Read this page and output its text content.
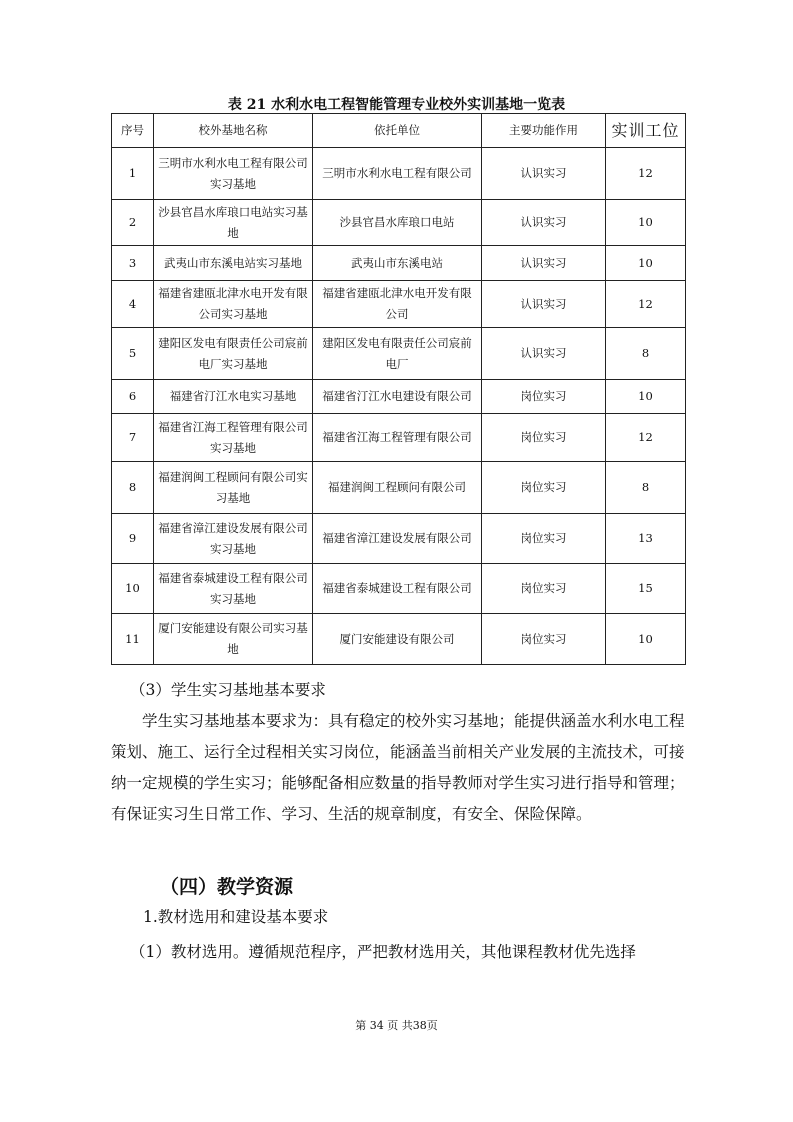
表 21 水利水电工程智能管理专业校外实训基地一览表
序号	校外基地名称	依托单位	主要功能作用	实训工位
1	三明市水利水电工程有限公司实习基地	三明市水利水电工程有限公司	认识实习	12
2	沙县官昌水库琅口电站实习基地	沙县官昌水库琅口电站	认识实习	10
3	武夷山市东溪电站实习基地	武夷山市东溪电站	认识实习	10
4	福建省建瓯北津水电开发有限公司实习基地	福建省建瓯北津水电开发有限公司	认识实习	12
5	建阳区发电有限责任公司宸前电厂实习基地	建阳区发电有限责任公司宸前电厂	认识实习	8
6	福建省汀江水电实习基地	福建省汀江水电建设有限公司	岗位实习	10
7	福建省江海工程管理有限公司实习基地	福建省江海工程管理有限公司	岗位实习	12
8	福建润闽工程顾问有限公司实习基地	福建润闽工程顾问有限公司	岗位实习	8
9	福建省漳江建设发展有限公司实习基地	福建省漳江建设发展有限公司	岗位实习	13
10	福建省泰城建设工程有限公司实习基地	福建省泰城建设工程有限公司	岗位实习	15
11	厦门安能建设有限公司实习基地	厦门安能建设有限公司	岗位实习	10
（3）学生实习基地基本要求
学生实习基地基本要求为：具有稳定的校外实习基地；能提供涵盖水利水电工程策划、施工、运行全过程相关实习岗位，能涵盖当前相关产业发展的主流技术，可接纳一定规模的学生实习；能够配备相应数量的指导教师对学生实习进行指导和管理；有保证实习生日常工作、学习、生活的规章制度，有安全、保险保障。
（四）教学资源
1.教材选用和建设基本要求
（1）教材选用。遵循规范程序，严把教材选用关，其他课程教材优先选择
第 34 页 共38页
